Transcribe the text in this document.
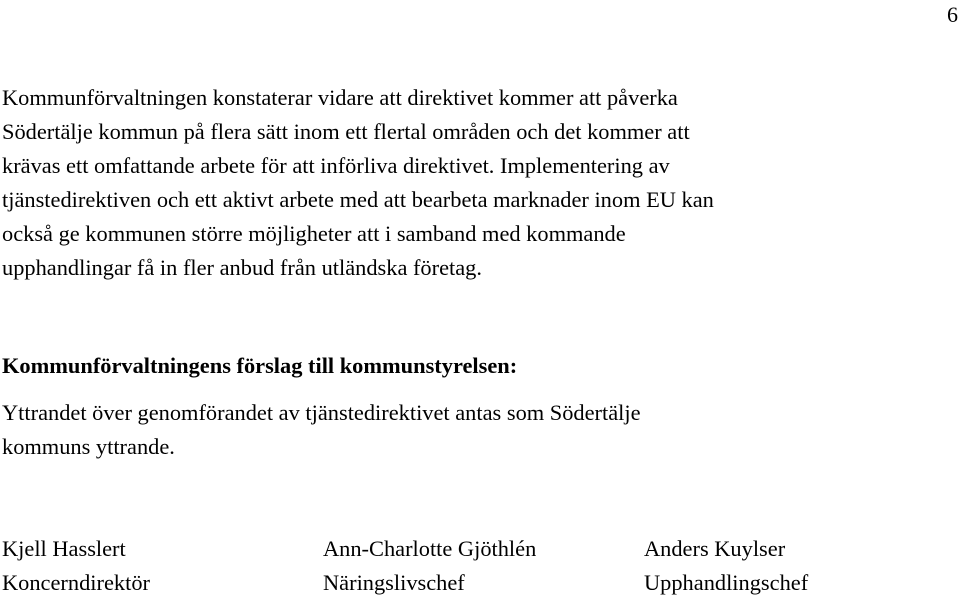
6

Kommunförvaltningen konstaterar vidare att direktivet kommer att påverka
Södertälje kommun på flera sätt inom ett flertal områden och det kommer att
krävas ett omfattande arbete för att införliva direktivet. Implementering av
tjänstedirektiven och ett aktivt arbete med att bearbeta marknader inom EU kan
också ge kommunen större möjligheter att i samband med kommande
upphandlingar få in fler anbud från utländska företag.

Kommunförvaltningens förslag till kommunstyrelsen:

Yttrandet över genomförandet av tjänstedirektivet antas som Södertälje
kommuns yttrande.

Kjell Hasslert
Koncerndirektör
Ann-Charlotte Gjöthlén
Näringslivschef
Anders Kuylser
Upphandlingschef
